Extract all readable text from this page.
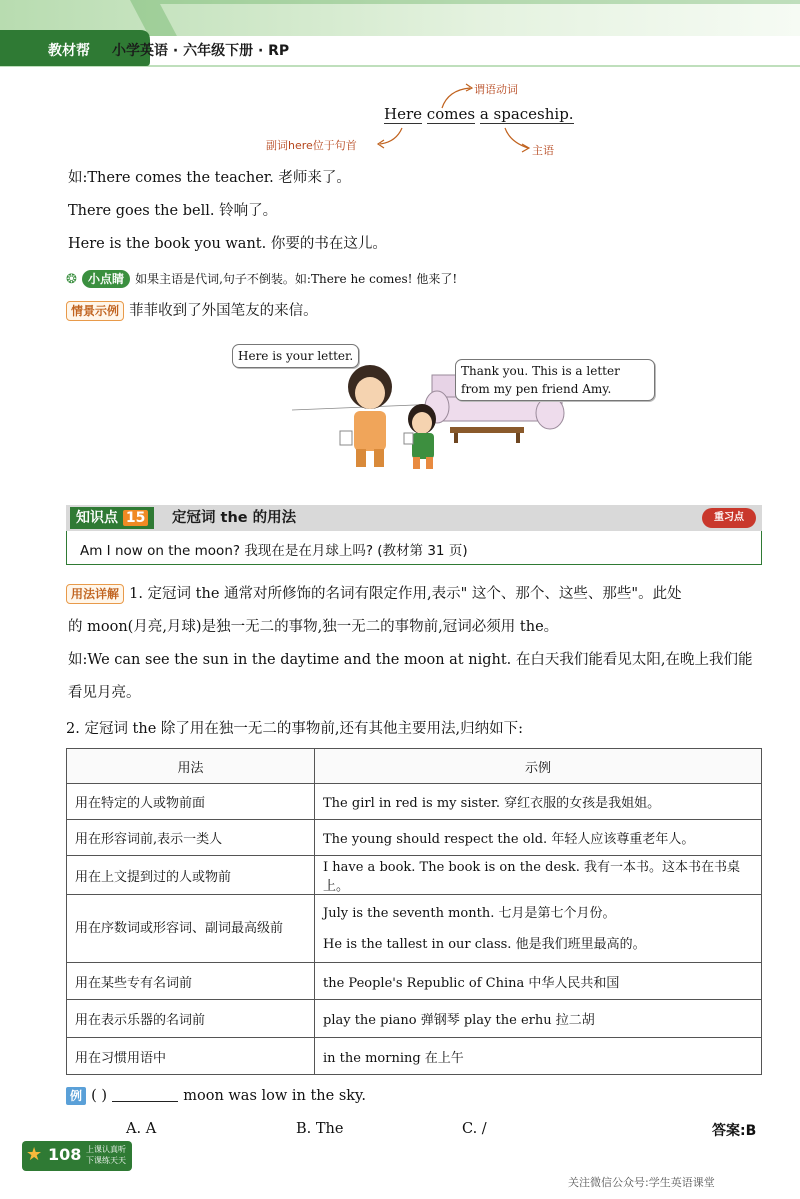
教材帮	小学英语 · 六年级下册 · RP
Here comes a spaceship.
谓语动词
副词here位于句首	主语
如:There comes the teacher. 老师来了。
There goes the bell. 铃响了。
Here is the book you want. 你要的书在这儿。
❂ 小点睛 如果主语是代词,句子不倒装。如:There he comes! 他来了!
情景示例 菲菲收到了外国笔友的来信。
Here is your letter.
Thank you. This is a letter from my pen friend Amy.
知识点 15	定冠词 the 的用法	重习点
Am I now on the moon? 我现在是在月球上吗? (教材第 31 页)
用法详解 1. 定冠词 the 通常对所修饰的名词有限定作用,表示" 这个、那个、这些、那些"。此处
的 moon(月亮,月球)是独一无二的事物,独一无二的事物前,冠词必须用 the。
如:We can see the sun in the daytime and the moon at night. 在白天我们能看见太阳,在晚上我们能
看见月亮。
2. 定冠词 the 除了用在独一无二的事物前,还有其他主要用法,归纳如下:
用法	示例
用在特定的人或物前面	The girl in red is my sister. 穿红衣服的女孩是我姐姐。
用在形容词前,表示一类人	The young should respect the old. 年轻人应该尊重老年人。
用在上文提到过的人或物前	I have a book. The book is on the desk. 我有一本书。这本书在书桌上。
用在序数词或形容词、副词最高级前	July is the seventh month. 七月是第七个月份。
He is the tallest in our class. 他是我们班里最高的。

用在某些专有名词前	the People's Republic of China 中华人民共和国
用在表示乐器的名词前	play the piano 弹钢琴 play the erhu 拉二胡
用在习惯用语中	in the morning 在上午
例 ( )	moon was low in the sky.
A. A	B. The	C. /	答案:B
★ 108 上课认真听
下课练天天
关注微信公众号:学生英语课堂
